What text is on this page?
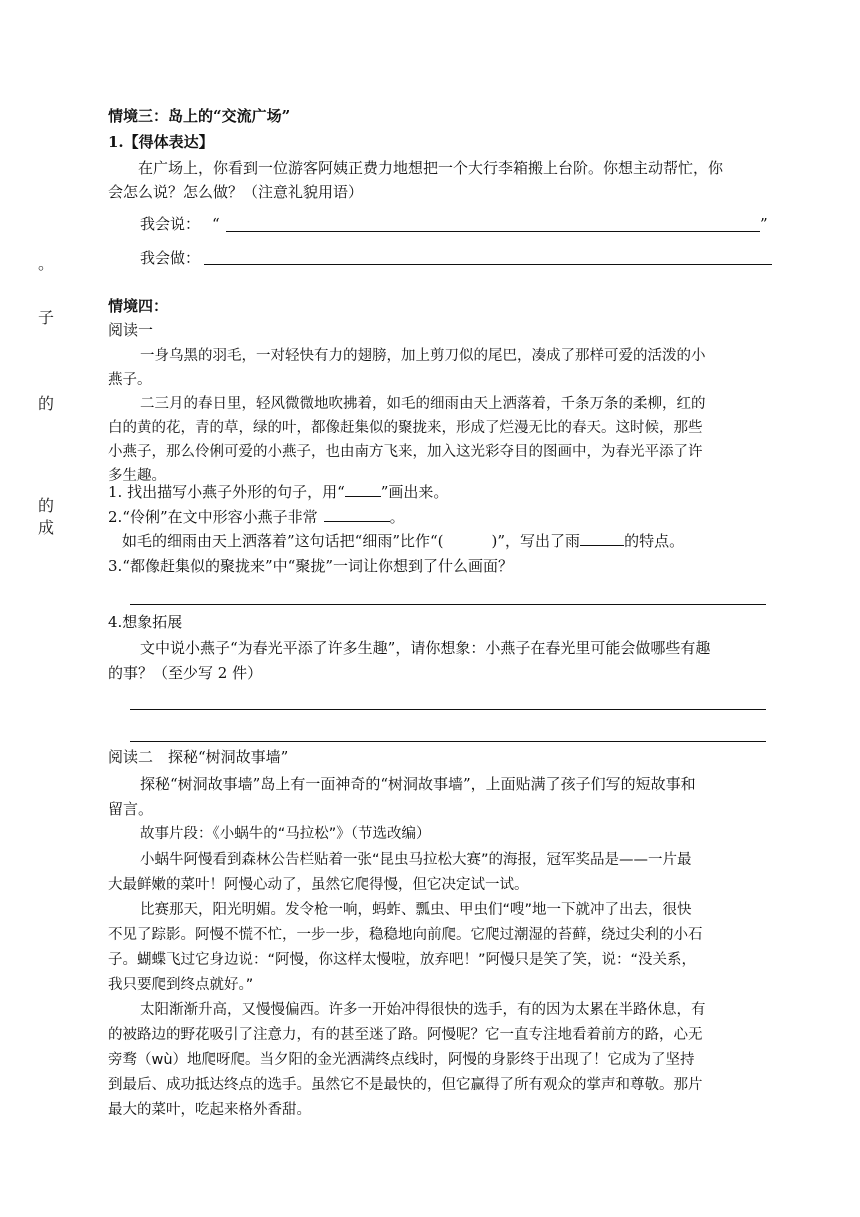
。
子
的
的
成
情境三：岛上的“交流广场”
1.【得体表达】
在广场上，你看到一位游客阿姨正费力地想把一个大行李箱搬上台阶。你想主动帮忙，你
会怎么说？怎么做？（注意礼貌用语）
我会说： “	”
我会做：
情境四：
阅读一
一身乌黑的羽毛，一对轻快有力的翅膀，加上剪刀似的尾巴，凑成了那样可爱的活泼的小
燕子。
二三月的春日里，轻风微微地吹拂着，如毛的细雨由天上洒落着，千条万条的柔柳，红的
白的黄的花，青的草，绿的叶，都像赶集似的聚拢来，形成了烂漫无比的春天。这时候，那些
小燕子，那么伶俐可爱的小燕子，也由南方飞来，加入这光彩夺目的图画中，为春光平添了许
多生趣。
1. 找出描写小燕子外形的句子，用“ ”画出来。
2.“伶俐”在文中形容小燕子非常	。
如毛的细雨由天上洒落着”这句话把“细雨”比作“(	)”，写出了雨	的特点。
3.“都像赶集似的聚拢来”中“聚拢”一词让你想到了什么画面？
4.想象拓展
文中说小燕子“为春光平添了许多生趣”，请你想象：小燕子在春光里可能会做哪些有趣
的事？（至少写 2 件）
阅读二　探秘“树洞故事墙”
探秘“树洞故事墙”岛上有一面神奇的“树洞故事墙”，上面贴满了孩子们写的短故事和
留言。
故事片段：《小蜗牛的“马拉松”》（节选改编）
小蜗牛阿慢看到森林公告栏贴着一张“昆虫马拉松大赛”的海报，冠军奖品是——一片最
大最鲜嫩的菜叶！阿慢心动了，虽然它爬得慢，但它决定试一试。
比赛那天，阳光明媚。发令枪一响，蚂蚱、瓢虫、甲虫们“嗖”地一下就冲了出去，很快
不见了踪影。阿慢不慌不忙，一步一步，稳稳地向前爬。它爬过潮湿的苔藓，绕过尖利的小石
子。蝴蝶飞过它身边说：“阿慢，你这样太慢啦，放弃吧！”阿慢只是笑了笑，说：“没关系，
我只要爬到终点就好。”
太阳渐渐升高，又慢慢偏西。许多一开始冲得很快的选手，有的因为太累在半路休息，有
的被路边的野花吸引了注意力，有的甚至迷了路。阿慢呢？它一直专注地看着前方的路，心无
旁骛（wù）地爬呀爬。当夕阳的金光洒满终点线时，阿慢的身影终于出现了！它成为了坚持
到最后、成功抵达终点的选手。虽然它不是最快的，但它赢得了所有观众的掌声和尊敬。那片
最大的菜叶，吃起来格外香甜。
